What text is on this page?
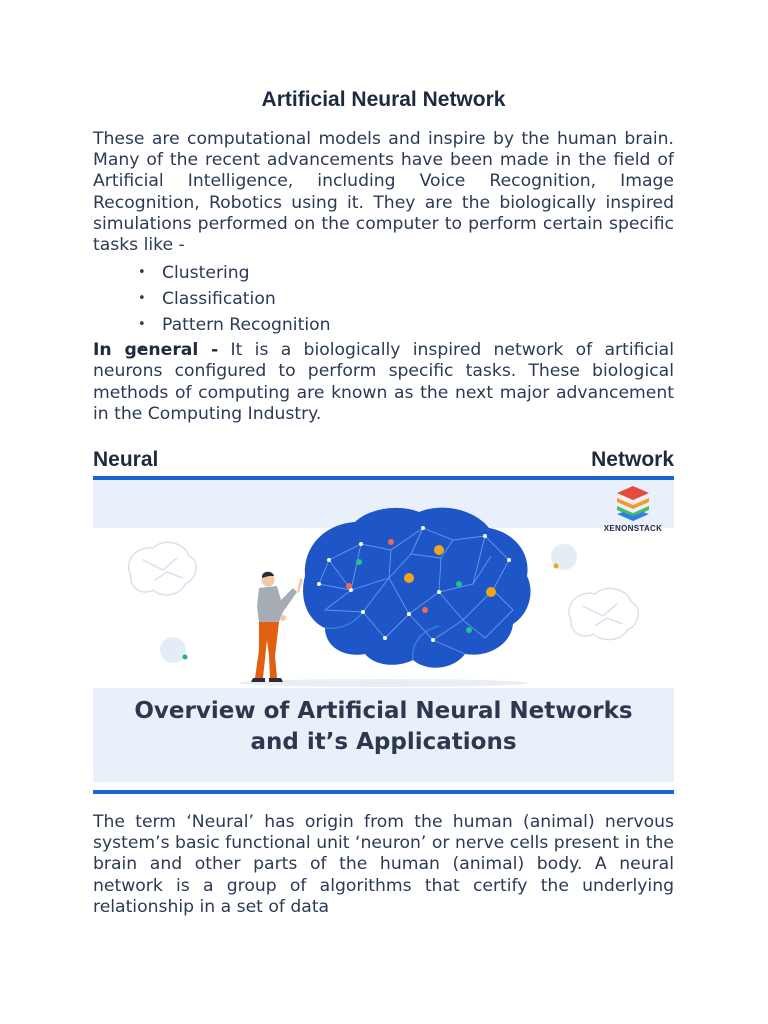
Artificial Neural Network

These are computational models and inspire by the human brain. Many of the recent advancements have been made in the field of Artificial Intelligence, including Voice Recognition, Image Recognition, Robotics using it. They are the biologically inspired simulations performed on the computer to perform certain specific tasks like -

• Clustering
• Classification
• Pattern Recognition

In general - It is a biologically inspired network of artificial neurons configured to perform specific tasks. These biological methods of computing are known as the next major advancement in the Computing Industry.

Neural	Network
XENONSTACK
Overview of Artificial Neural Networks
and it’s Applications

The term ‘Neural’ has origin from the human (animal) nervous system’s basic functional unit ‘neuron’ or nerve cells present in the brain and other parts of the human (animal) body. A neural network is a group of algorithms that certify the underlying relationship in a set of data
